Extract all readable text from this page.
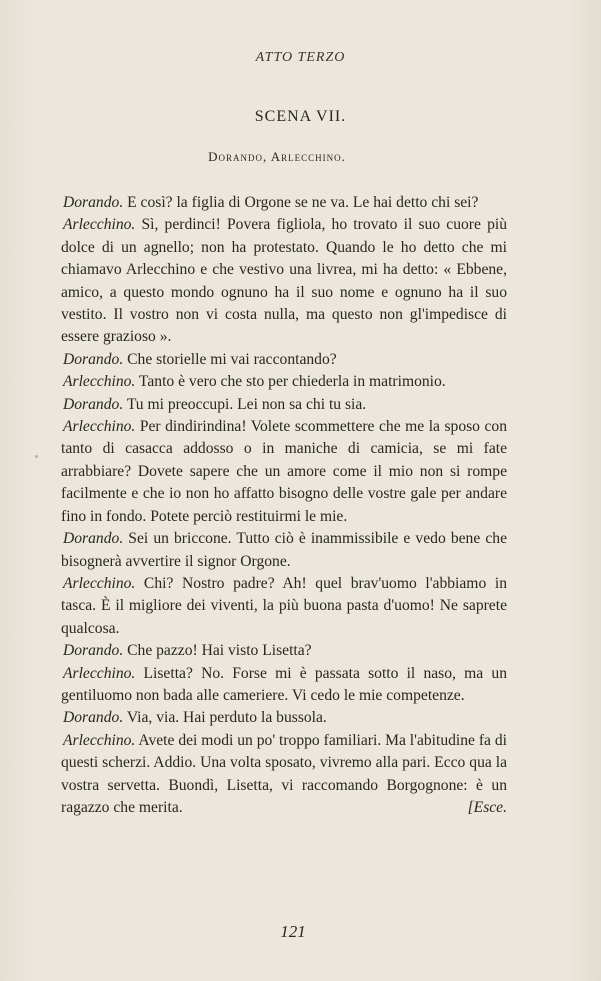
ATTO TERZO
SCENA VII.
Dorando, Arlecchino.

Dorando. E così? la figlia di Orgone se ne va. Le hai detto chi sei?

Arlecchino. Sì, perdinci! Povera figliola, ho trovato il suo cuore più dolce di un agnello; non ha protestato. Quando le ho detto che mi chiamavo Arlecchino e che vestivo una livrea, mi ha detto: « Ebbene, amico, a questo mondo ognuno ha il suo nome e ognuno ha il suo vestito. Il vostro non vi costa nulla, ma questo non gl'impedisce di essere grazioso ».

Dorando. Che storielle mi vai raccontando?

Arlecchino. Tanto è vero che sto per chiederla in matrimonio.

Dorando. Tu mi preoccupi. Lei non sa chi tu sia.

Arlecchino. Per dindirindina! Volete scommettere che me la sposo con tanto di casacca addosso o in maniche di camicia, se mi fate arrabbiare? Dovete sapere che un amore come il mio non si rompe facilmente e che io non ho affatto bisogno delle vostre gale per andare fino in fondo. Potete perciò restituirmi le mie.

Dorando. Sei un briccone. Tutto ciò è inammissibile e vedo bene che bisognerà avvertire il signor Orgone.

Arlecchino. Chi? Nostro padre? Ah! quel brav'uomo l'abbiamo in tasca. È il migliore dei viventi, la più buona pasta d'uomo! Ne saprete qualcosa.

Dorando. Che pazzo! Hai visto Lisetta?

Arlecchino. Lisetta? No. Forse mi è passata sotto il naso, ma un gentiluomo non bada alle cameriere. Vi cedo le mie competenze.

Dorando. Via, via. Hai perduto la bussola.

Arlecchino. Avete dei modi un po' troppo familiari. Ma l'abitudine fa di questi scherzi. Addio. Una volta sposato, vivremo alla pari. Ecco qua la vostra servetta. Buondì, Lisetta, vi raccomando Borgognone: è un ragazzo che merita.	[Esce.

121
